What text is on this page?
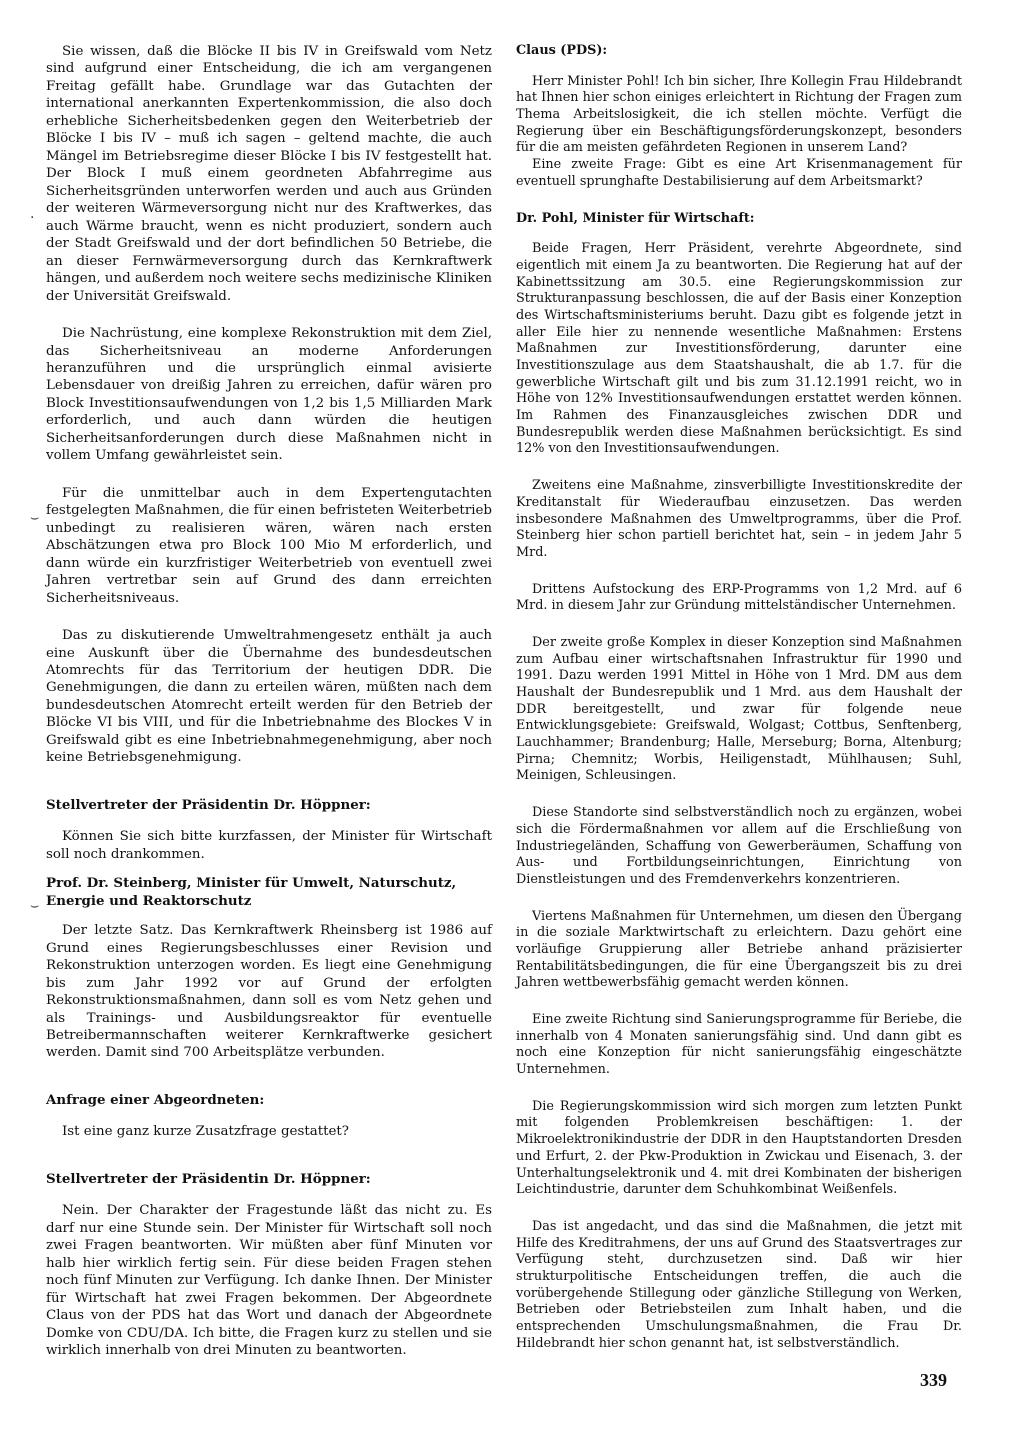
Sie wissen, daß die Blöcke II bis IV in Greifswald vom Netz sind aufgrund einer Entscheidung, die ich am vergangenen Freitag gefällt habe. Grundlage war das Gutachten der international anerkannten Expertenkommission, die also doch erhebliche Sicherheitsbedenken gegen den Weiterbetrieb der Blöcke I bis IV – muß ich sagen – geltend machte, die auch Mängel im Betriebsregime dieser Blöcke I bis IV festgestellt hat. Der Block I muß einem geordneten Abfahrregime aus Sicherheitsgründen unterworfen werden und auch aus Gründen der weiteren Wärmeversorgung nicht nur des Kraftwerkes, das auch Wärme braucht, wenn es nicht produziert, sondern auch der Stadt Greifswald und der dort befindlichen 50 Betriebe, die an dieser Fernwärmeversorgung durch das Kernkraftwerk hängen, und außerdem noch weitere sechs medizinische Kliniken der Universität Greifswald.

Die Nachrüstung, eine komplexe Rekonstruktion mit dem Ziel, das Sicherheitsniveau an moderne Anforderungen heranzuführen und die ursprünglich einmal avisierte Lebensdauer von dreißig Jahren zu erreichen, dafür wären pro Block Investitionsaufwendungen von 1,2 bis 1,5 Milliarden Mark erforderlich, und auch dann würden die heutigen Sicherheitsanforderungen durch diese Maßnahmen nicht in vollem Umfang gewährleistet sein.

Für die unmittelbar auch in dem Expertengutachten festgelegten Maßnahmen, die für einen befristeten Weiterbetrieb unbedingt zu realisieren wären, wären nach ersten Abschätzungen etwa pro Block 100 Mio M erforderlich, und dann würde ein kurzfristiger Weiterbetrieb von eventuell zwei Jahren vertretbar sein auf Grund des dann erreichten Sicherheitsniveaus.

Das zu diskutierende Umweltrahmengesetz enthält ja auch eine Auskunft über die Übernahme des bundesdeutschen Atomrechts für das Territorium der heutigen DDR. Die Genehmigungen, die dann zu erteilen wären, müßten nach dem bundesdeutschen Atomrecht erteilt werden für den Betrieb der Blöcke VI bis VIII, und für die Inbetriebnahme des Blockes V in Greifswald gibt es eine Inbetriebnahmegenehmigung, aber noch keine Betriebsgenehmigung.

Stellvertreter der Präsidentin Dr. Höppner:

Können Sie sich bitte kurzfassen, der Minister für Wirtschaft soll noch drankommen.

Prof. Dr. Steinberg, Minister für Umwelt, Naturschutz, Energie und Reaktorschutz

Der letzte Satz. Das Kernkraftwerk Rheinsberg ist 1986 auf Grund eines Regierungsbeschlusses einer Revision und Rekonstruktion unterzogen worden. Es liegt eine Genehmigung bis zum Jahr 1992 vor auf Grund der erfolgten Rekonstruktionsmaßnahmen, dann soll es vom Netz gehen und als Trainings- und Ausbildungsreaktor für eventuelle Betreibermannschaften weiterer Kernkraftwerke gesichert werden. Damit sind 700 Arbeitsplätze verbunden.

Anfrage einer Abgeordneten:

Ist eine ganz kurze Zusatzfrage gestattet?

Stellvertreter der Präsidentin Dr. Höppner:

Nein. Der Charakter der Fragestunde läßt das nicht zu. Es darf nur eine Stunde sein. Der Minister für Wirtschaft soll noch zwei Fragen beantworten. Wir müßten aber fünf Minuten vor halb hier wirklich fertig sein. Für diese beiden Fragen stehen noch fünf Minuten zur Verfügung. Ich danke Ihnen. Der Minister für Wirtschaft hat zwei Fragen bekommen. Der Abgeordnete Claus von der PDS hat das Wort und danach der Abgeordnete Domke von CDU/DA. Ich bitte, die Fragen kurz zu stellen und sie wirklich innerhalb von drei Minuten zu beantworten.

Claus (PDS):

Herr Minister Pohl! Ich bin sicher, Ihre Kollegin Frau Hildebrandt hat Ihnen hier schon einiges erleichtert in Richtung der Fragen zum Thema Arbeitslosigkeit, die ich stellen möchte. Verfügt die Regierung über ein Beschäftigungsförderungskonzept, besonders für die am meisten gefährdeten Regionen in unserem Land?

Eine zweite Frage: Gibt es eine Art Krisenmanagement für eventuell sprunghafte Destabilisierung auf dem Arbeitsmarkt?

Dr. Pohl, Minister für Wirtschaft:

Beide Fragen, Herr Präsident, verehrte Abgeordnete, sind eigentlich mit einem Ja zu beantworten. Die Regierung hat auf der Kabinettssitzung am 30.5. eine Regierungskommission zur Strukturanpassung beschlossen, die auf der Basis einer Konzeption des Wirtschaftsministeriums beruht. Dazu gibt es folgende jetzt in aller Eile hier zu nennende wesentliche Maßnahmen: Erstens Maßnahmen zur Investitionsförderung, darunter eine Investitionszulage aus dem Staatshaushalt, die ab 1.7. für die gewerbliche Wirtschaft gilt und bis zum 31.12.1991 reicht, wo in Höhe von 12% Investitionsaufwendungen erstattet werden können. Im Rahmen des Finanzausgleiches zwischen DDR und Bundesrepublik werden diese Maßnahmen berücksichtigt. Es sind 12% von den Investitionsaufwendungen.

Zweitens eine Maßnahme, zinsverbilligte Investitionskredite der Kreditanstalt für Wiederaufbau einzusetzen. Das werden insbesondere Maßnahmen des Umweltprogramms, über die Prof. Steinberg hier schon partiell berichtet hat, sein – in jedem Jahr 5 Mrd.

Drittens Aufstockung des ERP-Programms von 1,2 Mrd. auf 6 Mrd. in diesem Jahr zur Gründung mittelständischer Unternehmen.

Der zweite große Komplex in dieser Konzeption sind Maßnahmen zum Aufbau einer wirtschaftsnahen Infrastruktur für 1990 und 1991. Dazu werden 1991 Mittel in Höhe von 1 Mrd. DM aus dem Haushalt der Bundesrepublik und 1 Mrd. aus dem Haushalt der DDR bereitgestellt, und zwar für folgende neue Entwicklungsgebiete: Greifswald, Wolgast; Cottbus, Senftenberg, Lauchhammer; Brandenburg; Halle, Merseburg; Borna, Altenburg; Pirna; Chemnitz; Worbis, Heiligenstadt, Mühlhausen; Suhl, Meinigen, Schleusingen.

Diese Standorte sind selbstverständlich noch zu ergänzen, wobei sich die Fördermaßnahmen vor allem auf die Erschließung von Industriegeländen, Schaffung von Gewerberäumen, Schaffung von Aus- und Fortbildungseinrichtungen, Einrichtung von Dienstleistungen und des Fremdenverkehrs konzentrieren.

Viertens Maßnahmen für Unternehmen, um diesen den Übergang in die soziale Marktwirtschaft zu erleichtern. Dazu gehört eine vorläufige Gruppierung aller Betriebe anhand präzisierter Rentabilitätsbedingungen, die für eine Übergangszeit bis zu drei Jahren wettbewerbsfähig gemacht werden können.

Eine zweite Richtung sind Sanierungsprogramme für Beriebe, die innerhalb von 4 Monaten sanierungsfähig sind. Und dann gibt es noch eine Konzeption für nicht sanierungsfähig eingeschätzte Unternehmen.

Die Regierungskommission wird sich morgen zum letzten Punkt mit folgenden Problemkreisen beschäftigen: 1. der Mikroelektronikindustrie der DDR in den Hauptstandorten Dresden und Erfurt, 2. der Pkw-Produktion in Zwickau und Eisenach, 3. der Unterhaltungselektronik und 4. mit drei Kombinaten der bisherigen Leichtindustrie, darunter dem Schuhkombinat Weißenfels.

Das ist angedacht, und das sind die Maßnahmen, die jetzt mit Hilfe des Kreditrahmens, der uns auf Grund des Staatsvertrages zur Verfügung steht, durchzusetzen sind. Daß wir hier strukturpolitische Entscheidungen treffen, die auch die vorübergehende Stillegung oder gänzliche Stillegung von Werken, Betrieben oder Betriebsteilen zum Inhalt haben, und die entsprechenden Umschulungsmaßnahmen, die Frau Dr. Hildebrandt hier schon genannt hat, ist selbstverständlich.

339
·
⌣
⌣
